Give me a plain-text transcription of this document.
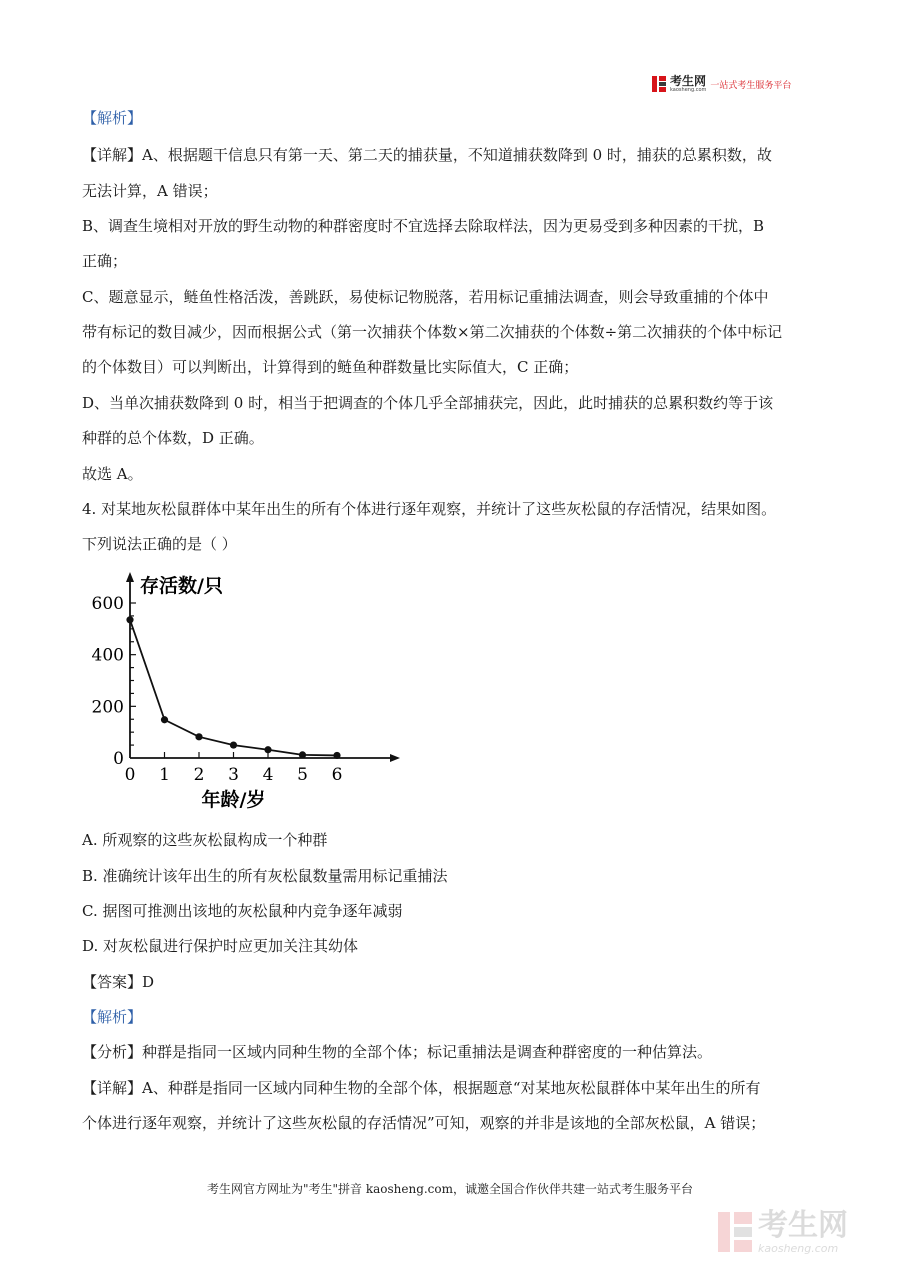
考生网
kaosheng.com 一站式考生服务平台
【解析】
【详解】A、根据题干信息只有第一天、第二天的捕获量，不知道捕获数降到 0 时，捕获的总累积数，故
无法计算，A 错误；
B、调查生境相对开放的野生动物的种群密度时不宜选择去除取样法，因为更易受到多种因素的干扰，B
正确；
C、题意显示，鲢鱼性格活泼，善跳跃，易使标记物脱落，若用标记重捕法调查，则会导致重捕的个体中
带有标记的数目减少，因而根据公式（第一次捕获个体数×第二次捕获的个体数÷第二次捕获的个体中标记
的个体数目）可以判断出，计算得到的鲢鱼种群数量比实际值大，C 正确；
D、当单次捕获数降到 0 时，相当于把调查的个体几乎全部捕获完，因此，此时捕获的总累积数约等于该
种群的总个体数，D 正确。
故选 A。
4. 对某地灰松鼠群体中某年出生的所有个体进行逐年观察，并统计了这些灰松鼠的存活情况，结果如图。
下列说法正确的是（ ）
0
200
400
600
0 1 2 3 4 5 6
存活数/只
年龄/岁
A. 所观察的这些灰松鼠构成一个种群
B. 准确统计该年出生的所有灰松鼠数量需用标记重捕法
C. 据图可推测出该地的灰松鼠种内竞争逐年减弱
D. 对灰松鼠进行保护时应更加关注其幼体
【答案】D
【解析】
【分析】种群是指同一区域内同种生物的全部个体；标记重捕法是调查种群密度的一种估算法。
【详解】A、种群是指同一区域内同种生物的全部个体，根据题意“对某地灰松鼠群体中某年出生的所有
个体进行逐年观察，并统计了这些灰松鼠的存活情况”可知，观察的并非是该地的全部灰松鼠，A 错误；
考生网官方网址为"考生"拼音 kaosheng.com，诚邀全国合作伙伴共建一站式考生服务平台
考生网
kaosheng.com
